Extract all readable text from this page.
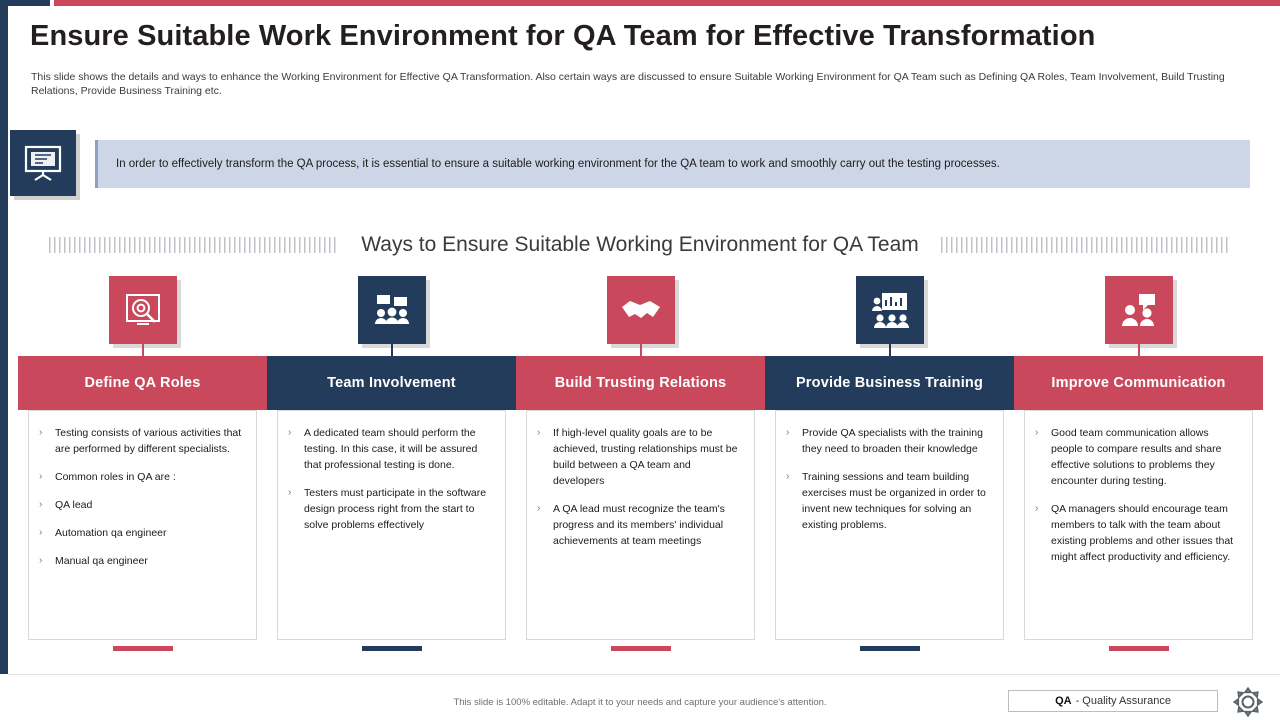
Ensure Suitable Work Environment for QA Team for Effective Transformation
This slide shows the details and ways to enhance the Working Environment for Effective QA Transformation. Also certain ways are discussed to ensure Suitable Working Environment for QA Team such as Defining QA Roles, Team Involvement, Build Trusting Relations, Provide Business Training etc.
In order to effectively transform the QA process, it is essential to ensure a suitable working environment for the QA team to work and smoothly carry out the testing processes.
Ways to Ensure Suitable Working Environment for QA Team
Define QA Roles
› Testing consists of various activities that are performed by different specialists.
› Common roles in QA are :
› QA lead
› Automation qa engineer
› Manual qa engineer
Team Involvement
› A dedicated team should perform the testing. In this case, it will be assured that professional testing is done.
› Testers must participate in the software design process right from the start to solve problems effectively
Build Trusting Relations
› If high-level quality goals are to be achieved, trusting relationships must be build between a QA team and developers
› A QA lead must recognize the team's progress and its members' individual achievements at team meetings
Provide Business Training
› Provide QA specialists with the training they need to broaden their knowledge
› Training sessions and team building exercises must be organized in order to invent new techniques for solving an existing problems.
Improve Communication
› Good team communication allows people to compare results and share effective solutions to problems they encounter during testing.
› QA managers should encourage team members to talk with the team about existing problems and other issues that might affect productivity and efficiency.
This slide is 100% editable. Adapt it to your needs and capture your audience's attention.	QA - Quality Assurance
